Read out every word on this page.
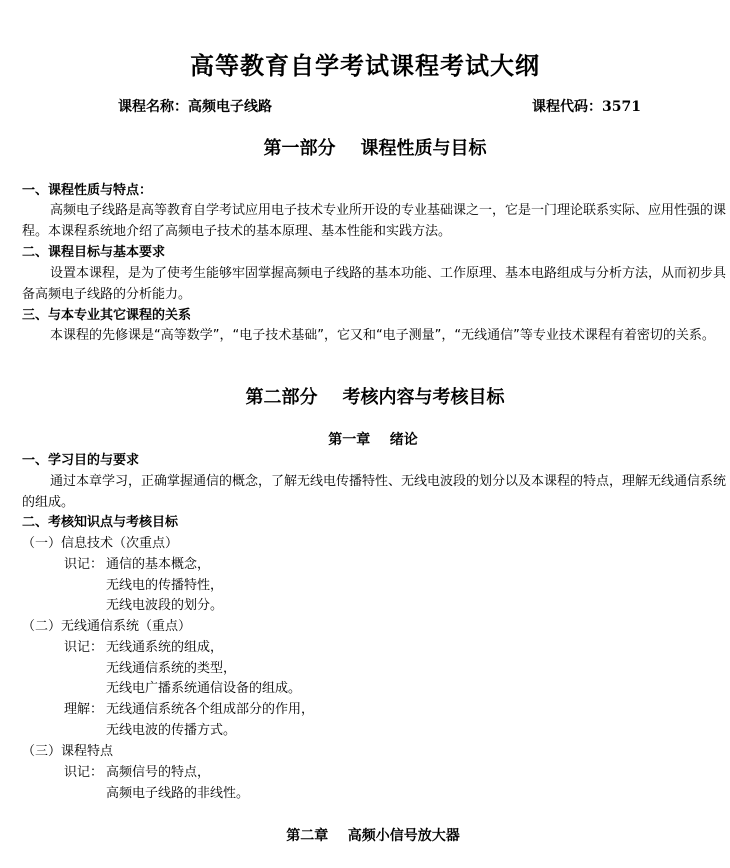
高等教育自学考试课程考试大纲
课程名称：高频电子线路	课程代码：3571
第一部分    课程性质与目标
一、课程性质与特点：
高频电子线路是高等教育自学考试应用电子技术专业所开设的专业基础课之一，它是一门理论联系实际、应用性强的课程。本课程系统地介绍了高频电子技术的基本原理、基本性能和实践方法。
二、课程目标与基本要求
设置本课程，是为了使考生能够牢固掌握高频电子线路的基本功能、工作原理、基本电路组成与分析方法，从而初步具备高频电子线路的分析能力。
三、与本专业其它课程的关系
本课程的先修课是“高等数学”，“电子技术基础”，它又和“电子测量”，“无线通信”等专业技术课程有着密切的关系。
第二部分    考核内容与考核目标
第一章    绪论
一、学习目的与要求
通过本章学习，正确掌握通信的概念，了解无线电传播特性、无线电波段的划分以及本课程的特点，理解无线通信系统的组成。
二、考核知识点与考核目标
（一）信息技术（次重点）
识记： 通信的基本概念，
无线电的传播特性，
无线电波段的划分。
（二）无线通信系统（重点）
识记： 无线通系统的组成，
无线通信系统的类型，
无线电广播系统通信设备的组成。
理解： 无线通信系统各个组成部分的作用，
无线电波的传播方式。
（三）课程特点
识记： 高频信号的特点，
高频电子线路的非线性。
第二章    高频小信号放大器
